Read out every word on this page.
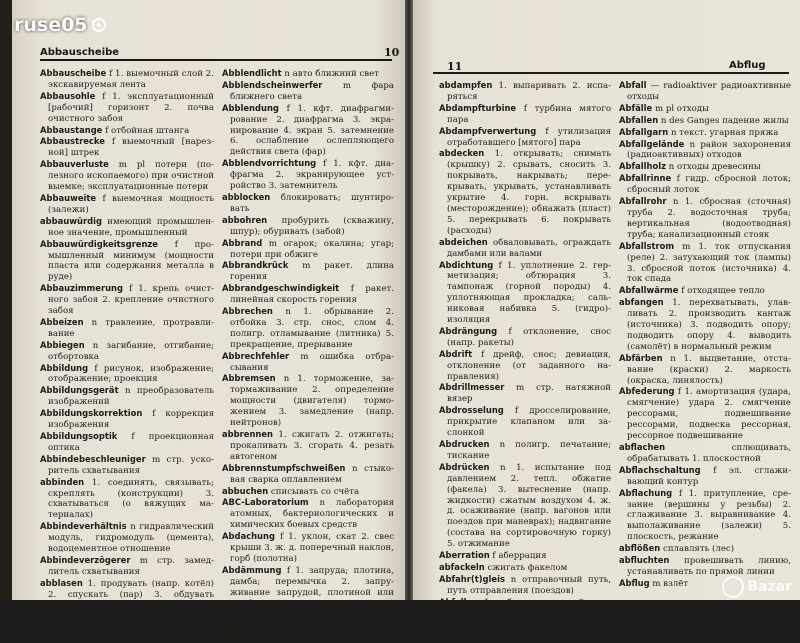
Abbauscheibe	10
Abbauscheibe f 1. выемочный слой 2. экскавируемая лента
Abbausohle f 1. эксплуатационный [рабочий] горизонт 2. почва очистного забоя
Abbaustange f отбойная штанга
Abbaustrecke f выемочный [нарезной] штрек
Abbauverluste m pl потери (полезного ископаемого) при очистной выемке; эксплуатационные потери
Abbauweite f выемочная мощность (залежи)
abbauwürdig имеющий промышленное значение, промышленный
Abbauwürdigkeitsgrenze f промышленный минимум (мощности пласта или содержания металла в руде)
Abbauzimmerung f 1. крепь очистного забоя 2. крепление очистного забоя
Abbeizen n травление, протравливание
Abbiegen n загибание, отгибание; отбортовка
Abbildung f рисунок, изображение; отображение; проекция
Abbildungsgerät n преобразователь изображений
Abbildungskorrektion f коррекция изображения
Abbildungsoptik f проекционная оптика
Abbindebeschleuniger m стр. ускоритель схватывания
abbinden 1. соединять, связывать; скреплять (конструкции) 3. схватываться (о вяжущих материалах)
Abbindeverhältnis n гидравлический модуль, гидромодуль (цемента), водоцементное отношение
Abbindeverzögerer m стр. замедлитель схватывания
abblasen 1. продувать (напр. котёл) 2. спускать (пар) 3. обдувать (пескоструйным аппаратом)
Abblaseventil n продувочный клапан
Abblendlicht n авто ближний свет
Abblendscheinwerfer m фара ближнего света
Abblendung f 1. кфт. диафрагмирование 2. диафрагма 3. экранирование 4. экран 5. затемнение 6. ослабление ослепляющего действия света (фар)
Abblendvorrichtung f 1. кфт. диафрагма 2. экранирующее устройство 3. затемнитель
abblocken блокировать; шунтировать
abbohren пробурить (скважину, шпур); обуривать (забой)
Abbrand m огарок; окалина; угар; потери при обжиге
Abbrandkrück m ракет. длина горения
Abbrandgeschwindigkeit f ракет. линейная скорость горения
Abbrechen n 1. обрывание 2. отбойка 3. стр. снос, слом 4. полигр. отламывание (литника) 5. прекращение, прерывание
Abbrechfehler m ошибка отбрасывания
Abbremsen n 1. торможение, затормаживание 2. определение мощности (двигателя) торможением 3. замедление (напр. нейтронов)
abbrennen 1. сжигать 2. отжигать; прокаливать 3. сгорать 4. резать автогеном
Abbrennstumpfschweißen n стыковая сварка оплавлением
abbuchen списывать со счёта
ABC-Laboratorium n лаборатория атомных, бактериологических и химических боевых средств
Abdachung f 1. уклон, скат 2. свес крыши 3. ж. д. поперечный наклон, горб (полотна)
Abdämmung f 1. запруда; плотина, дамба; перемычка 2. запруживание запрудой, плотиной или дамбой 3. горн. изоляция (пожара) 4. (тепло)изоляция
Abdampf m отработавший [мятый] пар
11	Abflug
abdampfen 1. выпаривать 2. испаряться
Abdampfturbine f турбина мятого пара
Abdampfverwertung f утилизация отработавшего [мятого] пара
abdecken 1. открывать; снимать (крышку) 2. срывать, сносить 3. покрывать, накрывать; перекрывать, укрывать, устанавливать укрытие 4. горн. вскрывать (месторождение); обнажать (пласт) 5. перекрывать 6. покрывать (расходы)
abdeichen обваловывать, ограждать дамбами или валами
Abdichtung f 1. уплотнение 2. герметизация; обтюрация 3. тампонаж (горной породы) 4. уплотняющая прокладка; сальниковая набивка 5. (гидро)изоляция
Abdrängung f отклонение, снос (напр. ракеты)
Abdrift f дрейф, снос; девиация, отклонение (от заданного направления)
Abdrillmesser m стр. натяжной вязер
Abdrosselung f дросселирование, прикрытие клапаном или заслонкой
Abdrucken n полигр. печатание; тискание
Abdrücken n 1. испытание под давлением 2. тепл. обжатие (факела) 3. вытеснение (напр. жидкости) сжатым воздухом 4. ж. д. осаживание (напр. вагонов или поездов при маневрах); надвигание (состава на сортировочную горку) 5. отжимание
Aberration f аберрация
abfackeln сжигать факелом
Abfahr(t)gleis n отправочный путь, путь отправления (поездов)
Abfall m 1. отбросы; отходы 2. мет. скрап 3. спад; падение 4. спад(ание); падение, снижение
Abfall — radioaktiver радиоактивные отходы
Abfälle m pl отходы
Abfallen n des Ganges падение жилы
Abfallgarn n текст. угарная пряжа
Abfallgelände n район захоронения (радиоактивных) отходов
Abfallholz n отходы древесины
Abfallrinne f гидр. сбросной лоток; сбросный лоток
Abfallrohr n 1. сбросная (сточная) труба 2. водосточная труба; вертикальная (водоотводная) труба; канализационный стояк
Abfallstrom m 1. ток отпускания (реле) 2. затухающий ток (лампы) 3. сбросной поток (источника) 4. ток спада
Abfallwärme f отходящее тепло
abfangen 1. перехватывать, улавливать 2. производить кантаж (источника) 3. подводить опору; подводить опору 4. выводить (самолёт) в нормальный режим
Abfärben n 1. выцветание, отставание (краски) 2. маркость (окраска, линялость)
Abfederung f 1. амортизация (удара, смягчение) удара 2. смягчение рессорами, подвешивание рессорами, подвеска рессорная, рессорное подвешивание
abflachen	сплющивать, обрабатывать 1. плоскостной
Abflachschaltung f эл. сглаживающий контур
Abflachung f 1. притупление, срезание (вершины у резьбы) 2. сглаживание 3. выравнивание 4. выполаживание (залежи) 5. плоскость, режание
abflößen сплавлять (лес)
abfluchten провешивать линию, устанавливать по прямой линии
Abflug m взлёт
ruse05
Bazar
